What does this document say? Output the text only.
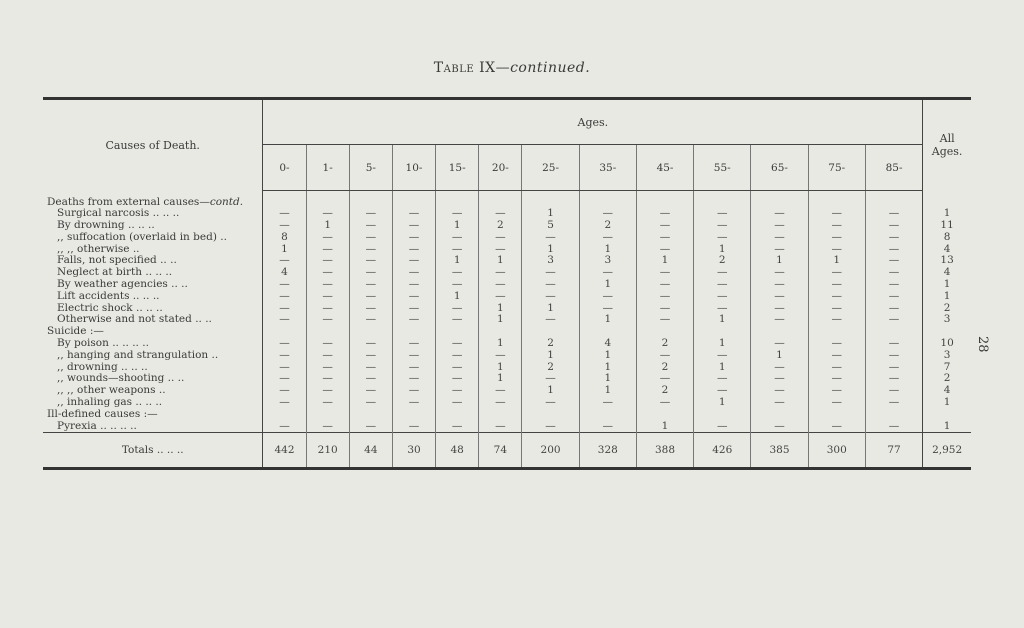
Table IX—continued.
28
Causes of Death.	Ages.													All Ages.
	0-	1-	5-	10-	15-	20-	25-	35-	45-	55-	65-	75-	85-	
Deaths from external causes—contd.														
Surgical narcosis .. .. ..	—	—	—	—	—	—	1	—	—	—	—	—	—	1
By drowning .. .. ..	—	1	—	—	1	2	5	2	—	—	—	—	—	11
,, suffocation (overlaid in bed) ..	8	—	—	—	—	—	—	—	—	—	—	—	—	8
,, ,, otherwise ..	1	—	—	—	—	—	1	1	—	1	—	—	—	4
Falls, not specified .. ..	—	—	—	—	1	1	3	3	1	2	1	1	—	13
Neglect at birth .. .. ..	4	—	—	—	—	—	—	—	—	—	—	—	—	4
By weather agencies .. ..	—	—	—	—	—	—	—	1	—	—	—	—	—	1
Lift accidents .. .. ..	—	—	—	—	1	—	—	—	—	—	—	—	—	1
Electric shock .. .. ..	—	—	—	—	—	1	1	—	—	—	—	—	—	2
Otherwise and not stated .. ..	—	—	—	—	—	1	—	1	—	1	—	—	—	3
Suicide :—														
By poison .. .. .. ..	—	—	—	—	—	1	2	4	2	1	—	—	—	10
,, hanging and strangulation ..	—	—	—	—	—	—	1	1	—	—	1	—	—	3
,, drowning .. .. ..	—	—	—	—	—	1	2	1	2	1	—	—	—	7
,, wounds—shooting .. ..	—	—	—	—	—	1	—	1	—	—	—	—	—	2
,, ,, other weapons ..	—	—	—	—	—	—	1	1	2	—	—	—	—	4
,, inhaling gas .. .. ..	—	—	—	—	—	—	—	—	—	1	—	—	—	1
Ill-defined causes :—														
Pyrexia .. .. .. ..	—	—	—	—	—	—	—	—	1	—	—	—	—	1
Totals .. .. ..	442	210	44	30	48	74	200	328	388	426	385	300	77	2,952
